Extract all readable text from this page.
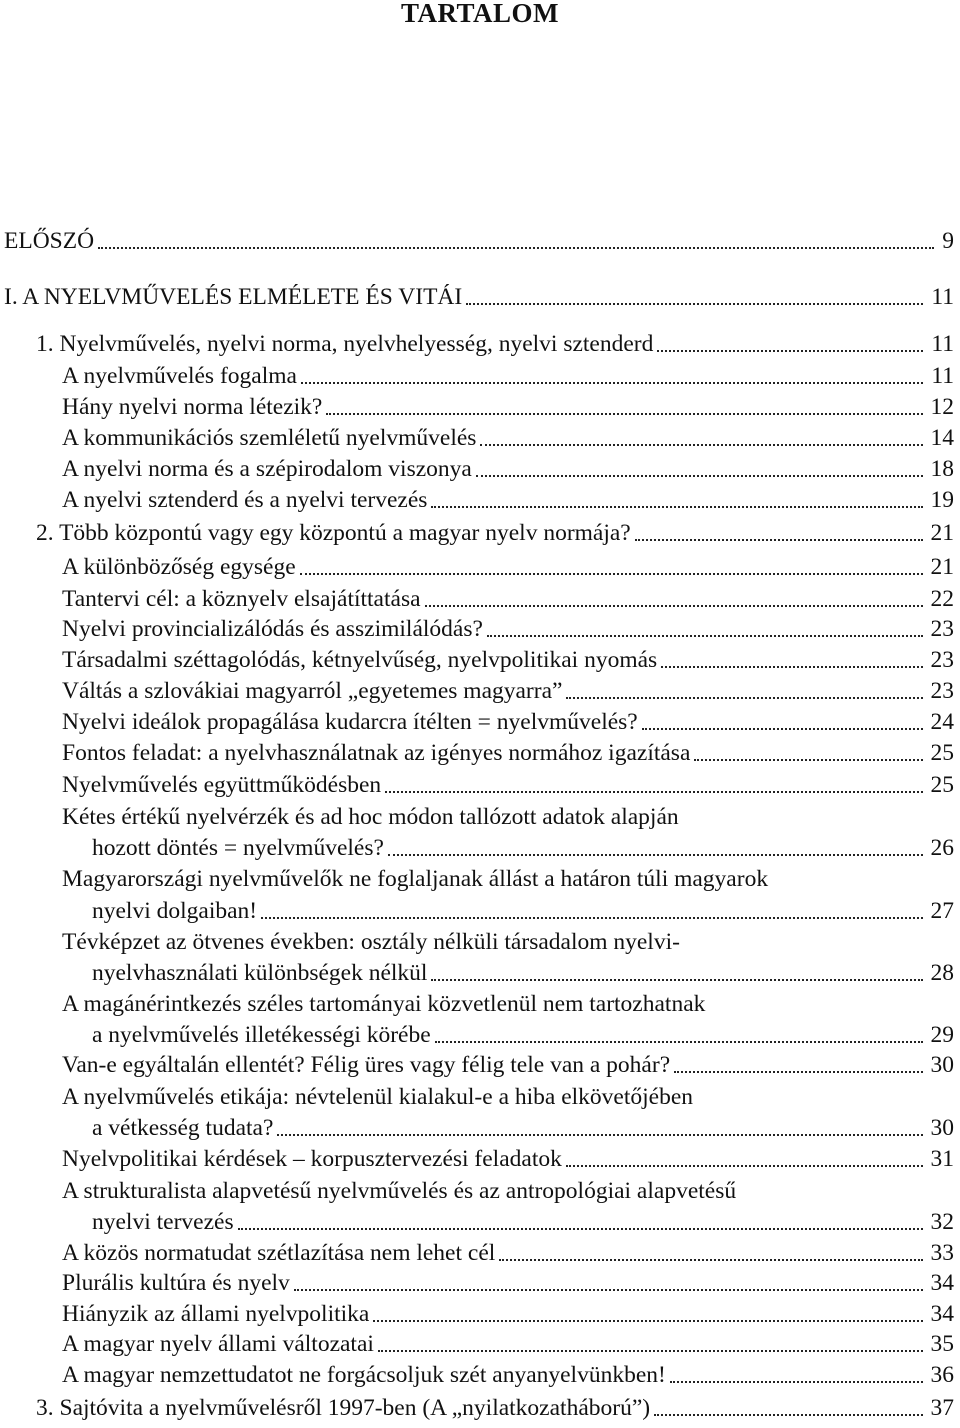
TARTALOM
ELŐSZÓ	9
I. A NYELVMŰVELÉS ELMÉLETE ÉS VITÁI	11
1. Nyelvművelés, nyelvi norma, nyelvhelyesség, nyelvi sztenderd	11
A nyelvművelés fogalma	11
Hány nyelvi norma létezik?	12
A kommunikációs szemléletű nyelvművelés	14
A nyelvi norma és a szépirodalom viszonya	18
A nyelvi sztenderd és a nyelvi tervezés	19
2. Több központú vagy egy központú a magyar nyelv normája?	21
A különbözőség egysége	21
Tantervi cél: a köznyelv elsajátíttatása	22
Nyelvi provincializálódás és asszimilálódás?	23
Társadalmi széttagolódás, kétnyelvűség, nyelvpolitikai nyomás	23
Váltás a szlovákiai magyarról „egyetemes magyarra”	23
Nyelvi ideálok propagálása kudarcra ítélten = nyelvművelés?	24
Fontos feladat: a nyelvhasználatnak az igényes normához igazítása	25
Nyelvművelés együttműködésben	25
Kétes értékű nyelvérzék és ad hoc módon tallózott adatok alapján
hozott döntés = nyelvművelés?	26
Magyarországi nyelvművelők ne foglaljanak állást a határon túli magyarok
nyelvi dolgaiban!	27
Tévképzet az ötvenes években: osztály nélküli társadalom nyelvi-
nyelvhasználati különbségek nélkül	28
A magánérintkezés széles tartományai közvetlenül nem tartozhatnak
a nyelvművelés illetékességi körébe	29
Van-e egyáltalán ellentét? Félig üres vagy félig tele van a pohár?	30
A nyelvművelés etikája: névtelenül kialakul-e a hiba elkövetőjében
a vétkesség tudata?	30
Nyelvpolitikai kérdések – korpusztervezési feladatok	31
A strukturalista alapvetésű nyelvművelés és az antropológiai alapvetésű
nyelvi tervezés	32
A közös normatudat szétlazítása nem lehet cél	33
Plurális kultúra és nyelv	34
Hiányzik az állami nyelvpolitika	34
A magyar nyelv állami változatai	35
A magyar nemzettudatot ne forgácsoljuk szét anyanyelvünkben!	36
3. Sajtóvita a nyelvművelésről 1997-ben (A „nyilatkozatháború”)	37
